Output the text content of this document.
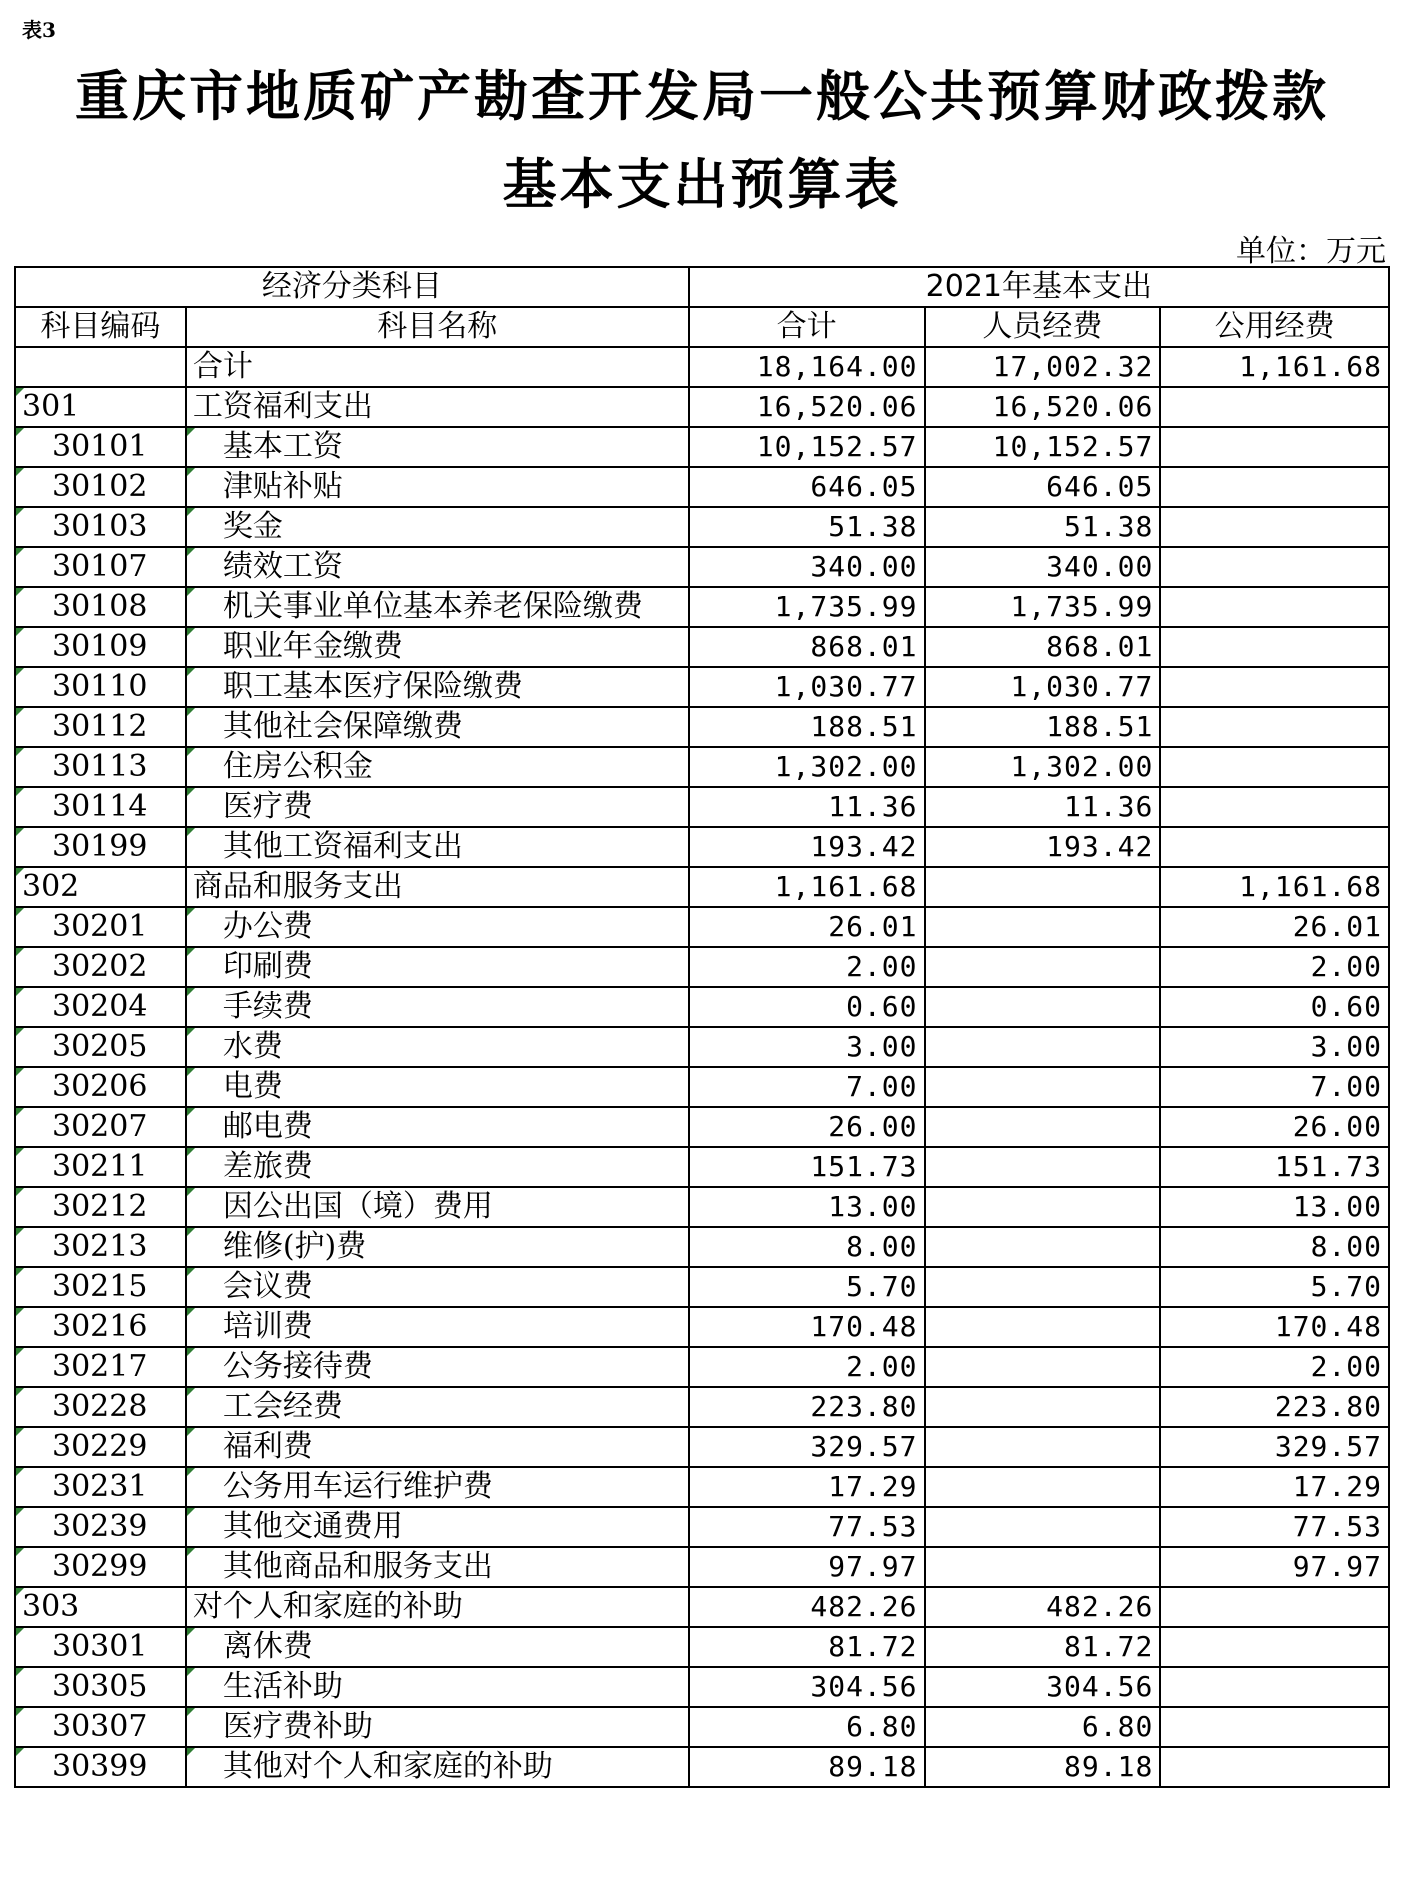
表3
重庆市地质矿产勘查开发局一般公共预算财政拨款
基本支出预算表
单位：万元
经济分类科目		2021年基本支出		
科目编码	科目名称	合计	人员经费	公用经费
	合计	18,164.00	17,002.32	1,161.68
301	工资福利支出	16,520.06	16,520.06	
30101	基本工资	10,152.57	10,152.57	
30102	津贴补贴	646.05	646.05	
30103	奖金	51.38	51.38	
30107	绩效工资	340.00	340.00	
30108	机关事业单位基本养老保险缴费	1,735.99	1,735.99	
30109	职业年金缴费	868.01	868.01	
30110	职工基本医疗保险缴费	1,030.77	1,030.77	
30112	其他社会保障缴费	188.51	188.51	
30113	住房公积金	1,302.00	1,302.00	
30114	医疗费	11.36	11.36	
30199	其他工资福利支出	193.42	193.42	
302	商品和服务支出	1,161.68		1,161.68
30201	办公费	26.01		26.01
30202	印刷费	2.00		2.00
30204	手续费	0.60		0.60
30205	水费	3.00		3.00
30206	电费	7.00		7.00
30207	邮电费	26.00		26.00
30211	差旅费	151.73		151.73
30212	因公出国（境）费用	13.00		13.00
30213	维修(护)费	8.00		8.00
30215	会议费	5.70		5.70
30216	培训费	170.48		170.48
30217	公务接待费	2.00		2.00
30228	工会经费	223.80		223.80
30229	福利费	329.57		329.57
30231	公务用车运行维护费	17.29		17.29
30239	其他交通费用	77.53		77.53
30299	其他商品和服务支出	97.97		97.97
303	对个人和家庭的补助	482.26	482.26	
30301	离休费	81.72	81.72	
30305	生活补助	304.56	304.56	
30307	医疗费补助	6.80	6.80	
30399	其他对个人和家庭的补助	89.18	89.18	
